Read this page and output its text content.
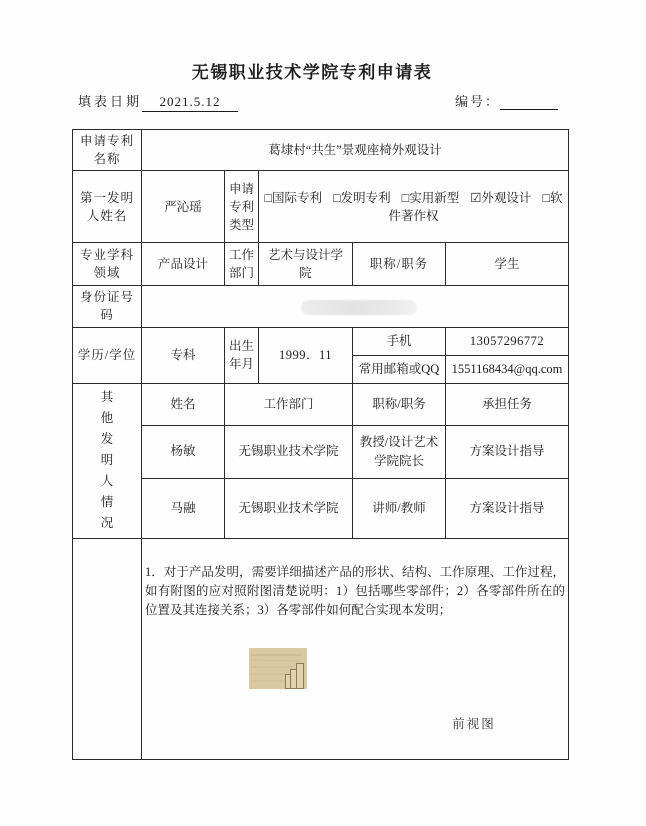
无锡职业技术学院专利申请表
填表日期 2021.5.12	编号：
申请专利名称	葛埭村“共生”景观座椅外观设计				
第一发明人姓名	严沁瑶	申请专利类型	□国际专利 □发明专利 □实用新型 ☑外观设计 □软件著作权		
专业学科领域	产品设计	工作部门	艺术与设计学院	职称/职务	学生
身份证号码					

学历/学位	专科	出生年月	1999．11	手机	13057296772
				常用邮箱或QQ	1551168434@qq.com
其他发明人情况	姓名	工作部门		职称/职务	承担任务
	杨敏	无锡职业技术学院		教授/设计艺术学院院长	方案设计指导
	马融	无锡职业技术学院		讲师/教师	方案设计指导

	1．对于产品发明，需要详细描述产品的形状、结构、工作原理、工作过程，如有附图的应对照附图清楚说明：1）包括哪些零部件；2）各零部件所在的位置及其连接关系；3）各零部件如何配合实现本发明；
前视图				
